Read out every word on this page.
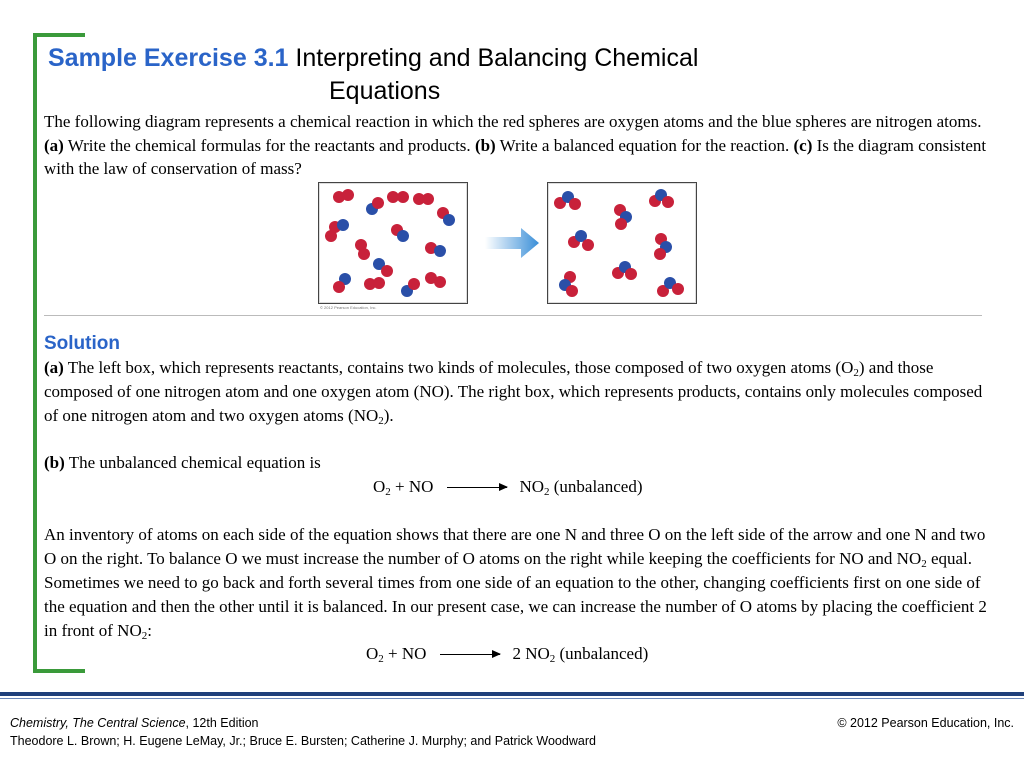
Sample Exercise 3.1 Interpreting and Balancing Chemical
Equations
The following diagram represents a chemical reaction in which the red spheres are oxygen atoms and the blue spheres are nitrogen atoms. (a) Write the chemical formulas for the reactants and products. (b) Write a balanced equation for the reaction. (c) Is the diagram consistent with the law of conservation of mass?
© 2012 Pearson Education, Inc.
Solution
(a) The left box, which represents reactants, contains two kinds of molecules, those composed of two oxygen atoms $(O_2)$ and those composed of one nitrogen atom and one oxygen atom (NO). The right box, which represents products, contains only molecules composed of one nitrogen atom and two oxygen atoms $(NO_2)$.
(b) The unbalanced chemical equation is
$O_2$ + NO → $NO_2$ (unbalanced)
An inventory of atoms on each side of the equation shows that there are one N and three O on the left side of the arrow and one N and two O on the right. To balance O we must increase the number of O atoms on the right while keeping the coefficients for NO and $NO_2$ equal. Sometimes we need to go back and forth several times from one side of an equation to the other, changing coefficients first on one side of the equation and then the other until it is balanced. In our present case, we can increase the number of O atoms by placing the coefficient 2 in front of $NO_2$:
$O_2$ + NO → 2 $NO_2$ (unbalanced)
Chemistry, The Central Science, 12th Edition
Theodore L. Brown; H. Eugene LeMay, Jr.; Bruce E. Bursten; Catherine J. Murphy; and Patrick Woodward
© 2012 Pearson Education, Inc.
